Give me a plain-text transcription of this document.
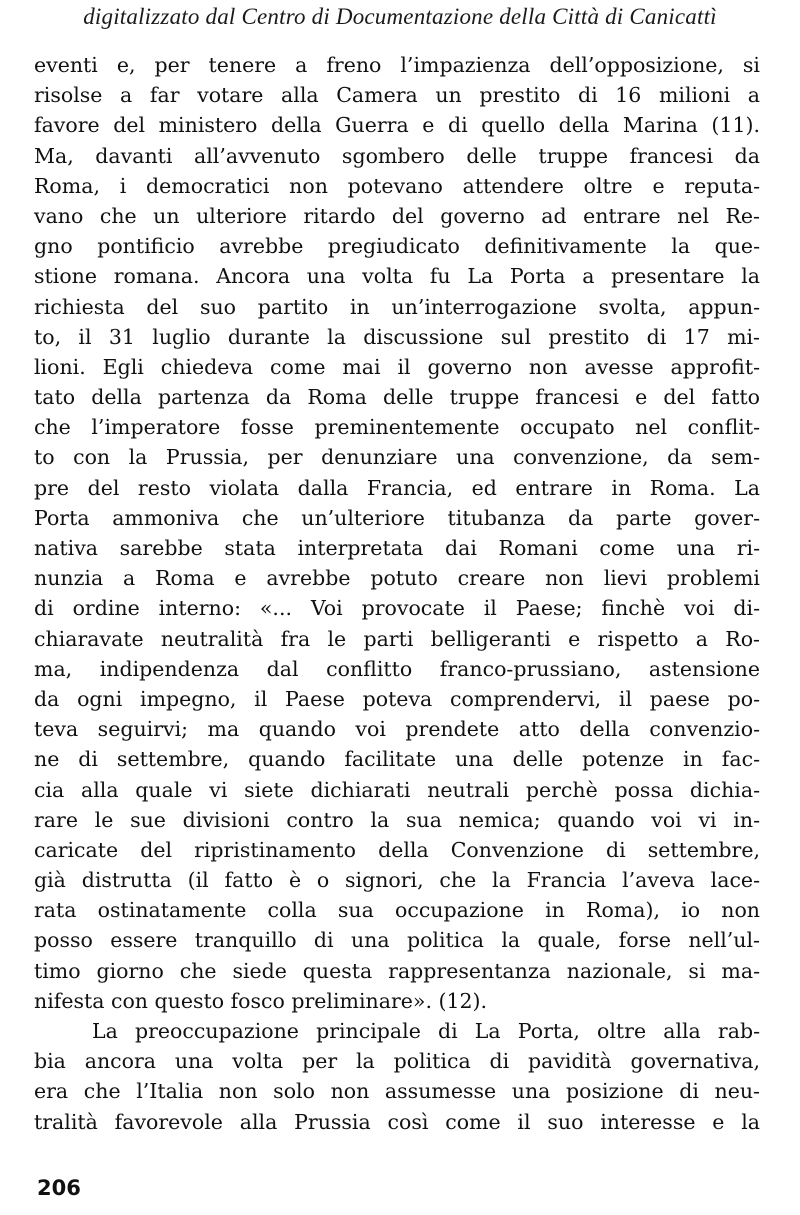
digitalizzato dal Centro di Documentazione della Città di Canicattì
eventi e, per tenere a freno l’impazienza dell’opposizione, si
risolse a far votare alla Camera un prestito di 16 milioni a
favore del ministero della Guerra e di quello della Marina (11).
Ma, davanti all’avvenuto sgombero delle truppe francesi da
Roma, i democratici non potevano attendere oltre e reputa-
vano che un ulteriore ritardo del governo ad entrare nel Re-
gno pontificio avrebbe pregiudicato definitivamente la que-
stione romana. Ancora una volta fu La Porta a presentare la
richiesta del suo partito in un’interrogazione svolta, appun-
to, il 31 luglio durante la discussione sul prestito di 17 mi-
lioni. Egli chiedeva come mai il governo non avesse approfit-
tato della partenza da Roma delle truppe francesi e del fatto
che l’imperatore fosse preminentemente occupato nel conflit-
to con la Prussia, per denunziare una convenzione, da sem-
pre del resto violata dalla Francia, ed entrare in Roma. La
Porta ammoniva che un’ulteriore titubanza da parte gover-
nativa sarebbe stata interpretata dai Romani come una ri-
nunzia a Roma e avrebbe potuto creare non lievi problemi
di ordine interno: «... Voi provocate il Paese; finchè voi di-
chiaravate neutralità fra le parti belligeranti e rispetto a Ro-
ma, indipendenza dal conflitto franco-prussiano, astensione
da ogni impegno, il Paese poteva comprendervi, il paese po-
teva seguirvi; ma quando voi prendete atto della convenzio-
ne di settembre, quando facilitate una delle potenze in fac-
cia alla quale vi siete dichiarati neutrali perchè possa dichia-
rare le sue divisioni contro la sua nemica; quando voi vi in-
caricate del ripristinamento della Convenzione di settembre,
già distrutta (il fatto è o signori, che la Francia l’aveva lace-
rata ostinatamente colla sua occupazione in Roma), io non
posso essere tranquillo di una politica la quale, forse nell’ul-
timo giorno che siede questa rappresentanza nazionale, si ma-
nifesta con questo fosco preliminare». (12).
La preoccupazione principale di La Porta, oltre alla rab-
bia ancora una volta per la politica di pavidità governativa,
era che l’Italia non solo non assumesse una posizione di neu-
tralità favorevole alla Prussia così come il suo interesse e la
206
